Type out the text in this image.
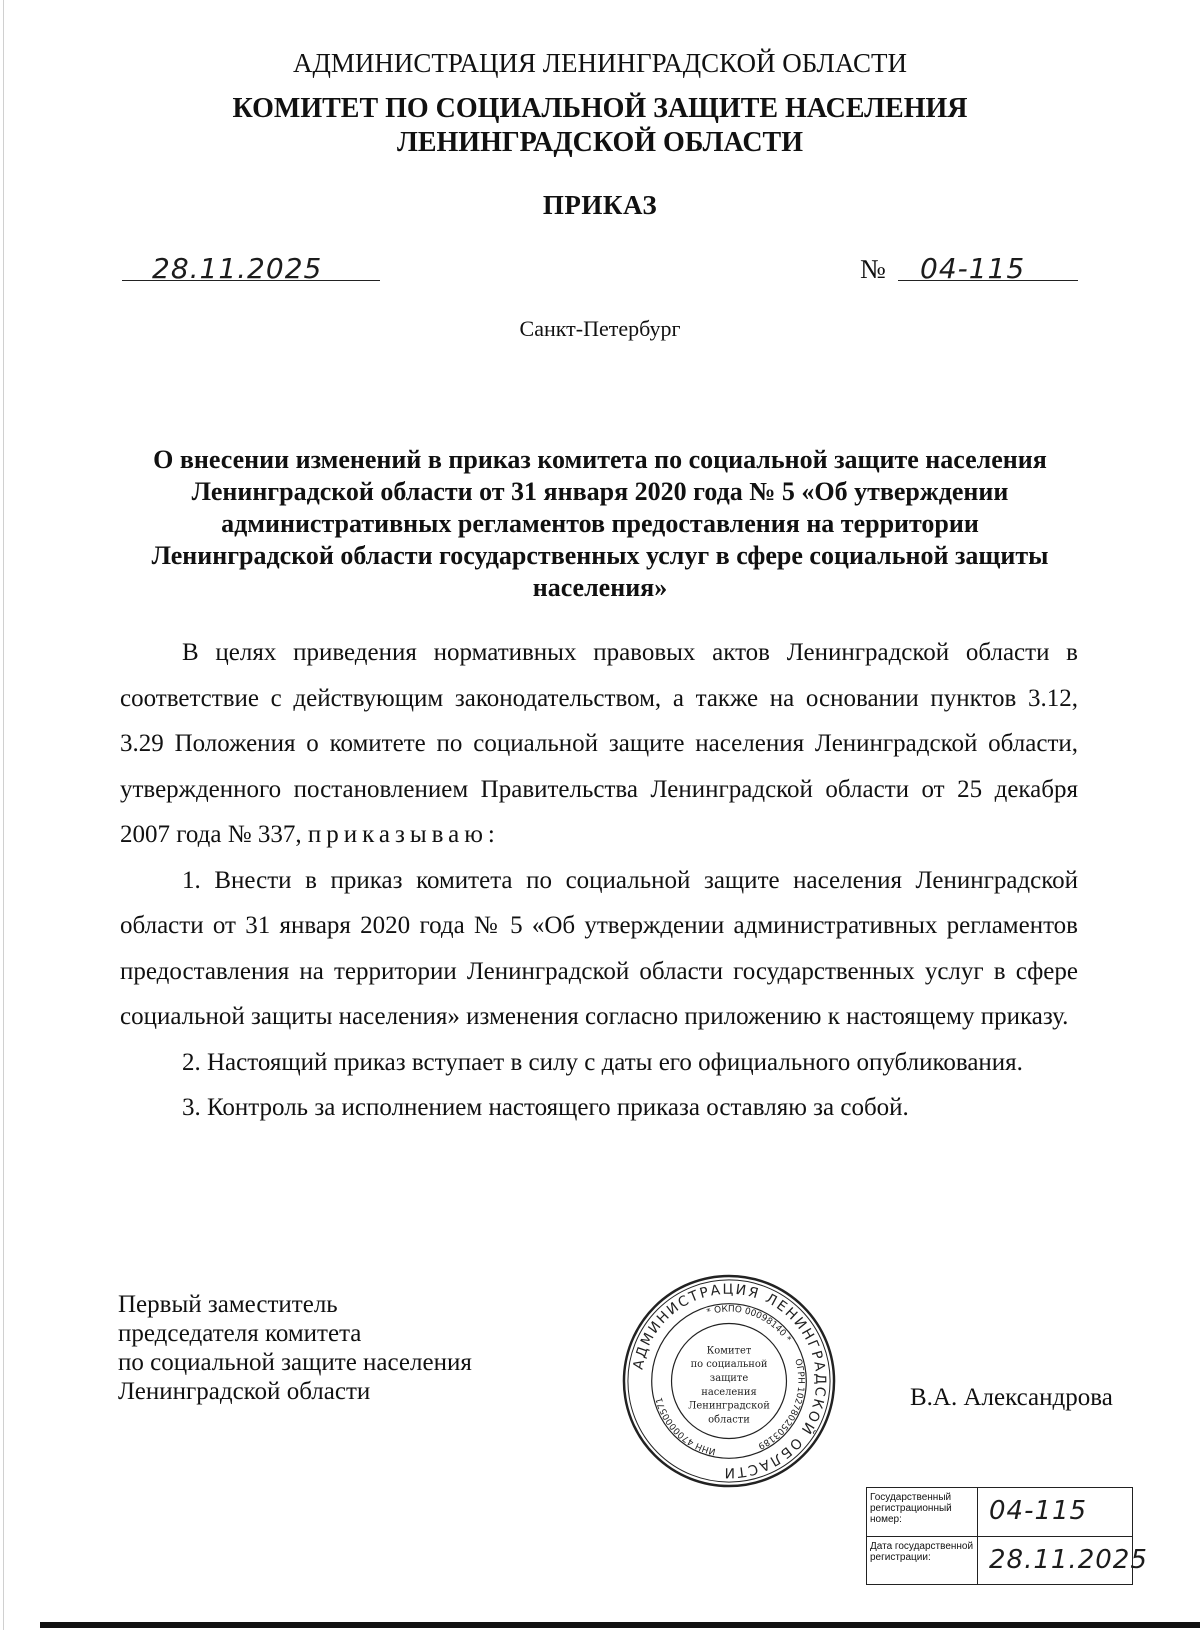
АДМИНИСТРАЦИЯ ЛЕНИНГРАДСКОЙ ОБЛАСТИ
КОМИТЕТ ПО СОЦИАЛЬНОЙ ЗАЩИТЕ НАСЕЛЕНИЯ
ЛЕНИНГРАДСКОЙ ОБЛАСТИ
ПРИКАЗ
28.11.2025	№ 04-115
Санкт-Петербург
О внесении изменений в приказ комитета по социальной защите населения
Ленинградской области от 31 января 2020 года № 5 «Об утверждении
административных регламентов предоставления на территории
Ленинградской области государственных услуг в сфере социальной защиты
населения»

В целях приведения нормативных правовых актов Ленинградской области в соответствие с действующим законодательством, а также на основании пунктов 3.12, 3.29 Положения о комитете по социальной защите населения Ленинградской области, утвержденного постановлением Правительства Ленинградской области от 25 декабря 2007 года № 337, приказываю:

1. Внести в приказ комитета по социальной защите населения Ленинградской области от 31 января 2020 года № 5 «Об утверждении административных регламентов предоставления на территории Ленинградской области государственных услуг в сфере социальной защиты населения» изменения согласно приложению к настоящему приказу.

2. Настоящий приказ вступает в силу с даты его официального опубликования.

3. Контроль за исполнением настоящего приказа оставляю за собой.

Первый заместитель
председателя комитета
по социальной защите населения
Ленинградской области
АДМИНИСТРАЦИЯ ЛЕНИНГРАДСКОЙ ОБЛАСТИ
* ОКПО 00098140 *
ОГРН 1027802503189
ИНН 4700000571
Комитет
по социальной
защите
населения
Ленинградской
области
В.А. Александрова
Государственный регистрационный номер:	04-115
Дата государственной регистрации:	28.11.2025
